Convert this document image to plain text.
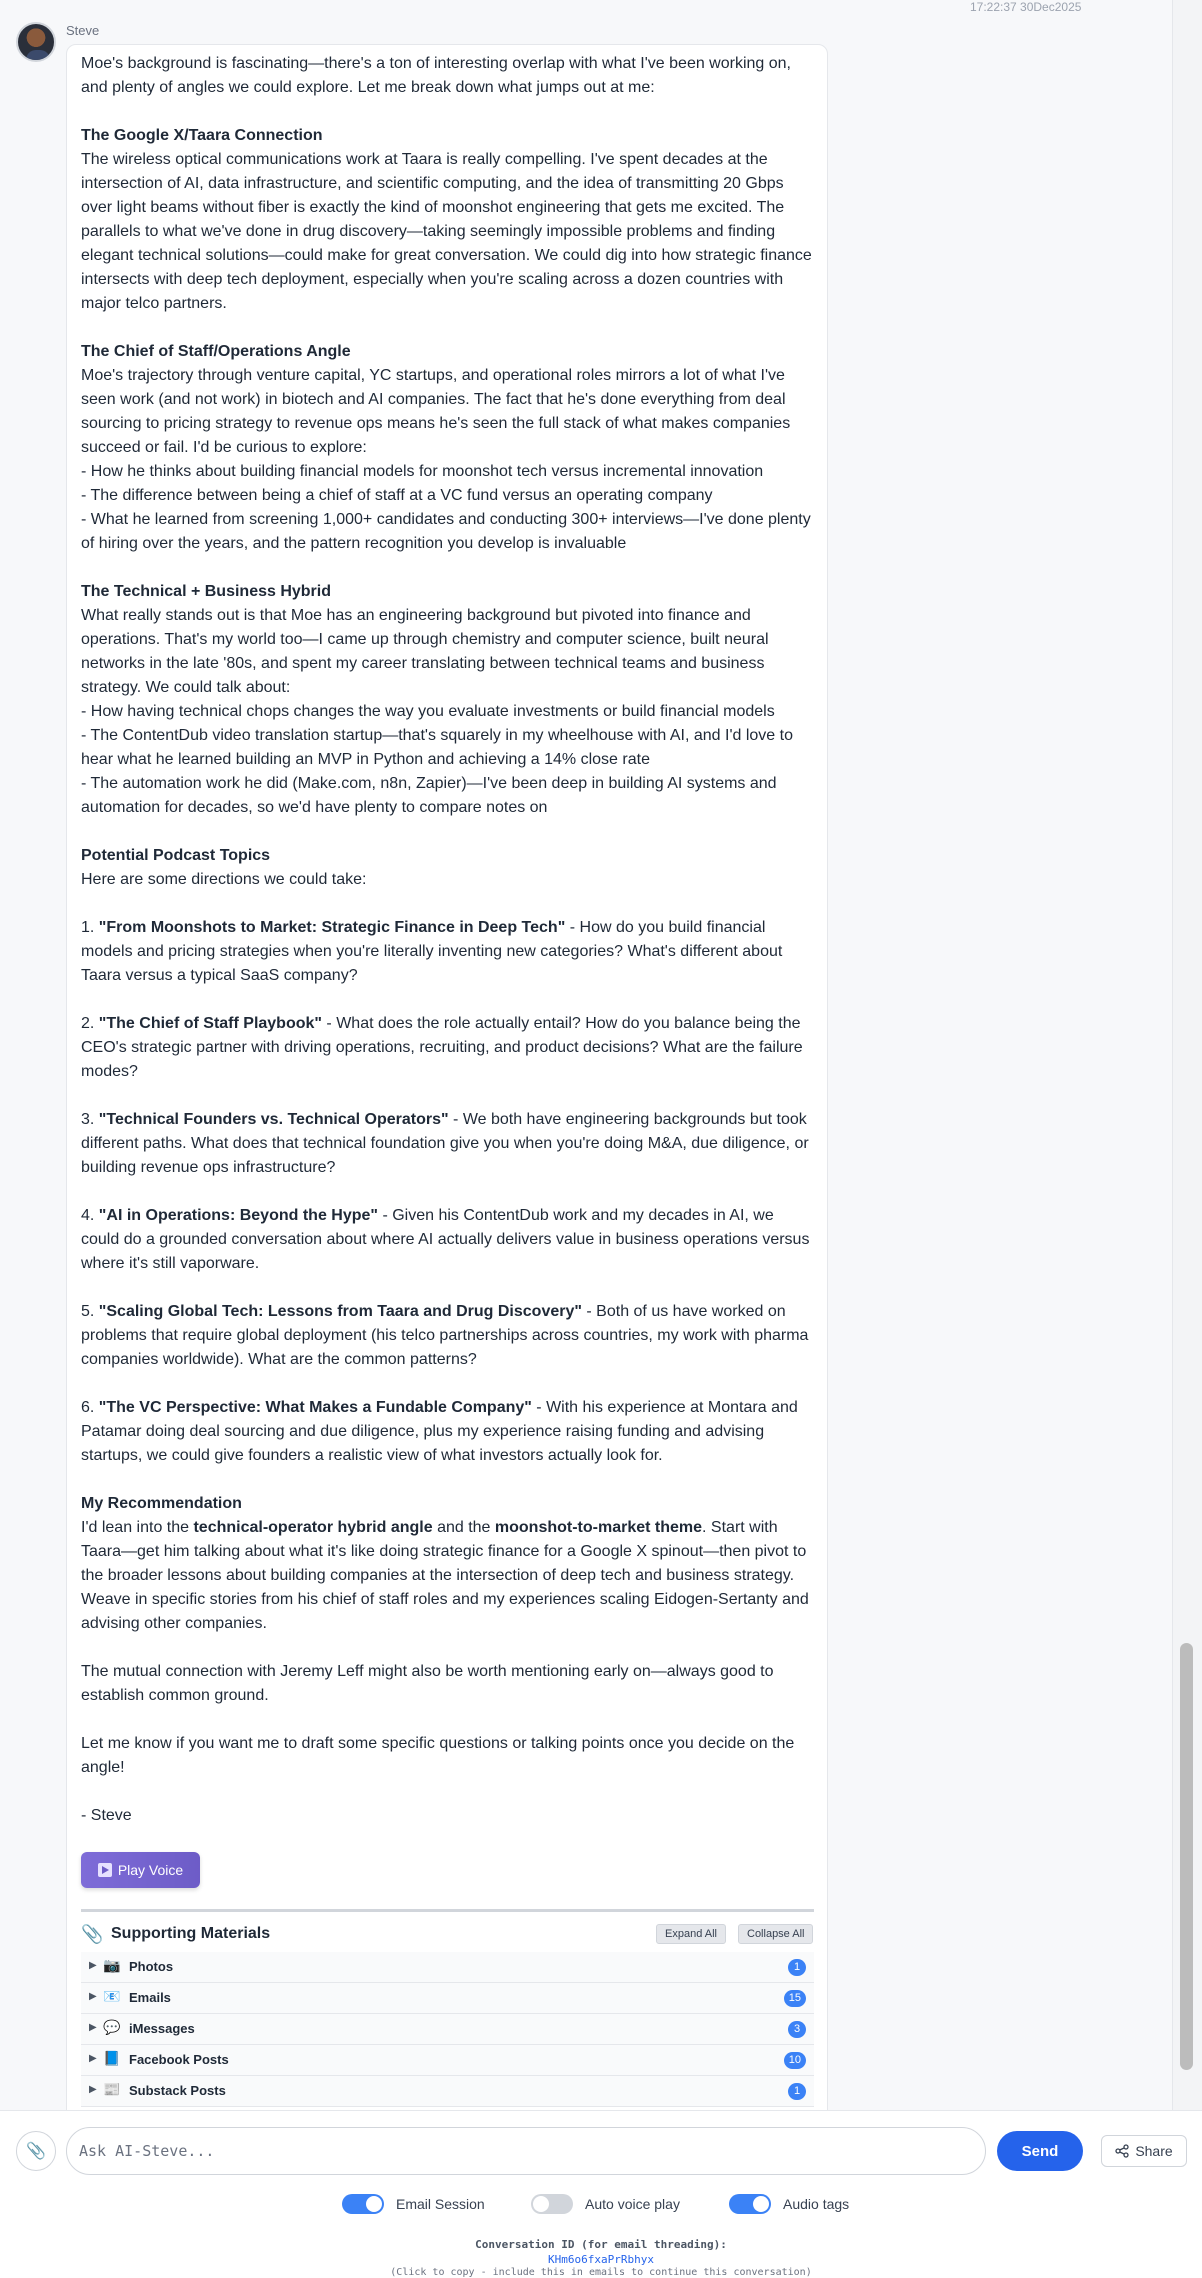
17:22:37 30Dec2025
Steve

Moe's background is fascinating—there's a ton of interesting overlap with what I've been working on, and plenty of angles we could explore. Let me break down what jumps out at me:

The Google X/Taara Connection

The wireless optical communications work at Taara is really compelling. I've spent decades at the intersection of AI, data infrastructure, and scientific computing, and the idea of transmitting 20 Gbps over light beams without fiber is exactly the kind of moonshot engineering that gets me excited. The parallels to what we've done in drug discovery—taking seemingly impossible problems and finding elegant technical solutions—could make for great conversation. We could dig into how strategic finance intersects with deep tech deployment, especially when you're scaling across a dozen countries with major telco partners.

The Chief of Staff/Operations Angle

Moe's trajectory through venture capital, YC startups, and operational roles mirrors a lot of what I've seen work (and not work) in biotech and AI companies. The fact that he's done everything from deal sourcing to pricing strategy to revenue ops means he's seen the full stack of what makes companies succeed or fail. I'd be curious to explore:

- How he thinks about building financial models for moonshot tech versus incremental innovation

- The difference between being a chief of staff at a VC fund versus an operating company

- What he learned from screening 1,000+ candidates and conducting 300+ interviews—I've done plenty of hiring over the years, and the pattern recognition you develop is invaluable

The Technical + Business Hybrid

What really stands out is that Moe has an engineering background but pivoted into finance and operations. That's my world too—I came up through chemistry and computer science, built neural networks in the late '80s, and spent my career translating between technical teams and business strategy. We could talk about:

- How having technical chops changes the way you evaluate investments or build financial models

- The ContentDub video translation startup—that's squarely in my wheelhouse with AI, and I'd love to hear what he learned building an MVP in Python and achieving a 14% close rate

- The automation work he did (Make.com, n8n, Zapier)—I've been deep in building AI systems and automation for decades, so we'd have plenty to compare notes on

Potential Podcast Topics

Here are some directions we could take:

1. "From Moonshots to Market: Strategic Finance in Deep Tech" - How do you build financial models and pricing strategies when you're literally inventing new categories? What's different about Taara versus a typical SaaS company?

2. "The Chief of Staff Playbook" - What does the role actually entail? How do you balance being the CEO's strategic partner with driving operations, recruiting, and product decisions? What are the failure modes?

3. "Technical Founders vs. Technical Operators" - We both have engineering backgrounds but took different paths. What does that technical foundation give you when you're doing M&A, due diligence, or building revenue ops infrastructure?

4. "AI in Operations: Beyond the Hype" - Given his ContentDub work and my decades in AI, we could do a grounded conversation about where AI actually delivers value in business operations versus where it's still vaporware.

5. "Scaling Global Tech: Lessons from Taara and Drug Discovery" - Both of us have worked on problems that require global deployment (his telco partnerships across countries, my work with pharma companies worldwide). What are the common patterns?

6. "The VC Perspective: What Makes a Fundable Company" - With his experience at Montara and Patamar doing deal sourcing and due diligence, plus my experience raising funding and advising startups, we could give founders a realistic view of what investors actually look for.

My Recommendation

I'd lean into the technical-operator hybrid angle and the moonshot-to-market theme. Start with Taara—get him talking about what it's like doing strategic finance for a Google X spinout—then pivot to the broader lessons about building companies at the intersection of deep tech and business strategy. Weave in specific stories from his chief of staff roles and my experiences scaling Eidogen-Sertanty and advising other companies.

The mutual connection with Jeremy Leff might also be worth mentioning early on—always good to establish common ground.

Let me know if you want me to draft some specific questions or talking points once you decide on the angle!

- Steve

Play Voice
📎 Supporting Materials	Expand All	Collapse All
▶ 📷 Photos	1
▶ 📧 Emails	15
▶ 💬 iMessages	3
▶ 📘 Facebook Posts	10
▶ 📰 Substack Posts	1
📎
Ask AI-Steve...	Send	Share
Email Session	Auto voice play	Audio tags
Conversation ID (for email threading):
KHm6o6fxaPrRbhyx
(Click to copy - include this in emails to continue this conversation)
